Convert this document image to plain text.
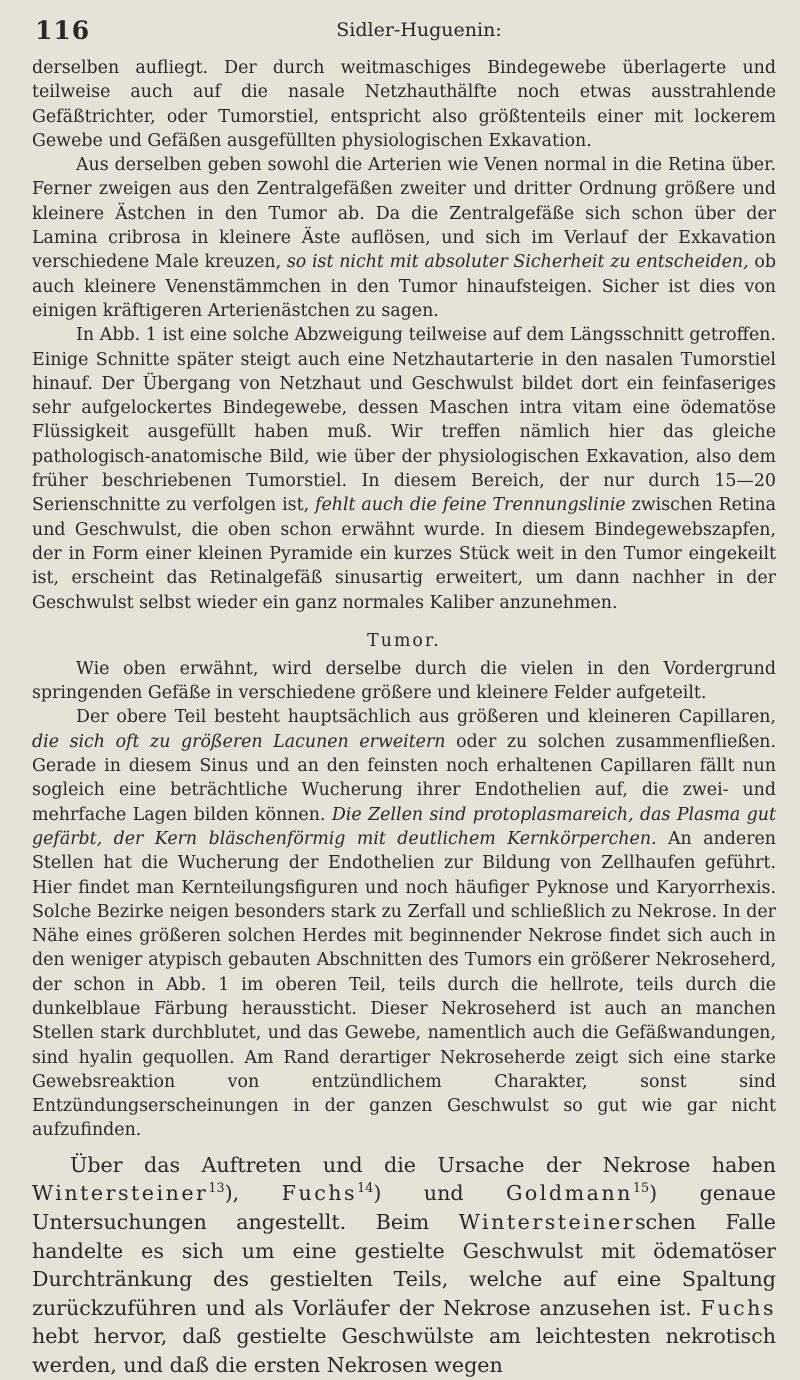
116	Sidler-Huguenin:

derselben aufliegt. Der durch weitmaschiges Bindegewebe überlagerte und teilweise auch auf die nasale Netzhauthälfte noch etwas ausstrahlende Gefäßtrichter, oder Tumorstiel, entspricht also größtenteils einer mit lockerem Gewebe und Gefäßen ausgefüllten physiologischen Exkavation.

Aus derselben geben sowohl die Arterien wie Venen normal in die Retina über. Ferner zweigen aus den Zentralgefäßen zweiter und dritter Ordnung größere und kleinere Ästchen in den Tumor ab. Da die Zentralgefäße sich schon über der Lamina cribrosa in kleinere Äste auflösen, und sich im Verlauf der Exkavation verschiedene Male kreuzen, so ist nicht mit absoluter Sicherheit zu entscheiden, ob auch kleinere Venenstämmchen in den Tumor hinaufsteigen. Sicher ist dies von einigen kräftigeren Arterienästchen zu sagen.

In Abb. 1 ist eine solche Abzweigung teilweise auf dem Längsschnitt getroffen. Einige Schnitte später steigt auch eine Netzhautarterie in den nasalen Tumorstiel hinauf. Der Übergang von Netzhaut und Geschwulst bildet dort ein feinfaseriges sehr aufgelockertes Bindegewebe, dessen Maschen intra vitam eine ödematöse Flüssigkeit ausgefüllt haben muß. Wir treffen nämlich hier das gleiche pathologisch-anatomische Bild, wie über der physiologischen Exkavation, also dem früher beschriebenen Tumorstiel. In diesem Bereich, der nur durch 15—20 Serienschnitte zu verfolgen ist, fehlt auch die feine Trennungslinie zwischen Retina und Geschwulst, die oben schon erwähnt wurde. In diesem Bindegewebszapfen, der in Form einer kleinen Pyramide ein kurzes Stück weit in den Tumor eingekeilt ist, erscheint das Retinalgefäß sinusartig erweitert, um dann nachher in der Geschwulst selbst wieder ein ganz normales Kaliber anzunehmen.

Tumor.

Wie oben erwähnt, wird derselbe durch die vielen in den Vordergrund springenden Gefäße in verschiedene größere und kleinere Felder aufgeteilt.

Der obere Teil besteht hauptsächlich aus größeren und kleineren Capillaren, die sich oft zu größeren Lacunen erweitern oder zu solchen zusammenfließen. Gerade in diesem Sinus und an den feinsten noch erhaltenen Capillaren fällt nun sogleich eine beträchtliche Wucherung ihrer Endothelien auf, die zwei- und mehrfache Lagen bilden können. Die Zellen sind protoplasmareich, das Plasma gut gefärbt, der Kern bläschenförmig mit deutlichem Kernkörperchen. An anderen Stellen hat die Wucherung der Endothelien zur Bildung von Zellhaufen geführt. Hier findet man Kernteilungsfiguren und noch häufiger Pyknose und Karyorrhexis. Solche Bezirke neigen besonders stark zu Zerfall und schließlich zu Nekrose. In der Nähe eines größeren solchen Herdes mit beginnender Nekrose findet sich auch in den weniger atypisch gebauten Abschnitten des Tumors ein größerer Nekroseherd, der schon in Abb. 1 im oberen Teil, teils durch die hellrote, teils durch die dunkelblaue Färbung heraussticht. Dieser Nekroseherd ist auch an manchen Stellen stark durchblutet, und das Gewebe, namentlich auch die Gefäßwandungen, sind hyalin gequollen. Am Rand derartiger Nekroseherde zeigt sich eine starke Gewebsreaktion von entzündlichem Charakter, sonst sind Entzündungserscheinungen in der ganzen Geschwulst so gut wie gar nicht aufzufinden.

Über das Auftreten und die Ursache der Nekrose haben Wintersteiner$^{13}$), Fuchs$^{14}$) und Goldmann$^{15}$) genaue Untersuchungen angestellt. Beim Wintersteinerschen Falle handelte es sich um eine gestielte Geschwulst mit ödematöser Durchtränkung des gestielten Teils, welche auf eine Spaltung zurückzuführen und als Vorläufer der Nekrose anzusehen ist. Fuchs hebt hervor, daß gestielte Geschwülste am leichtesten nekrotisch werden, und daß die ersten Nekrosen wegen
